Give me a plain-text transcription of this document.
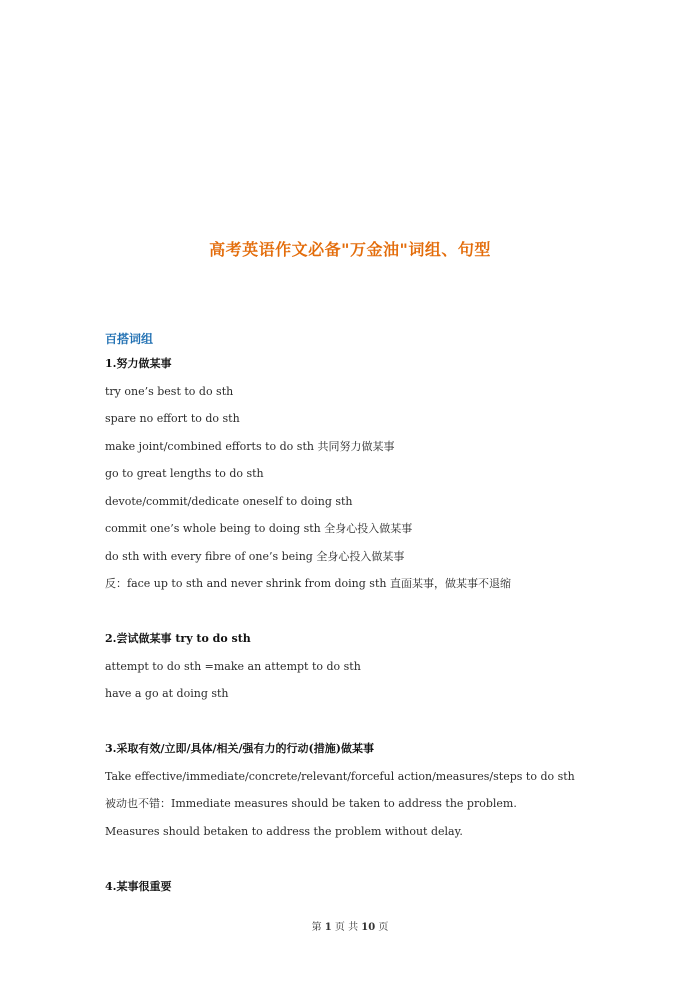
高考英语作文必备"万金油"词组、句型
百搭词组
1.努力做某事
try one’s best to do sth
spare no effort to do sth
make joint/combined efforts to do sth 共同努力做某事
go to great lengths to do sth
devote/commit/dedicate oneself to doing sth
commit one’s whole being to doing sth 全身心投入做某事
do sth with every fibre of one’s being 全身心投入做某事
反：face up to sth and never shrink from doing sth 直面某事，做某事不退缩
2.尝试做某事 try to do sth
attempt to do sth =make an attempt to do sth
have a go at doing sth
3.采取有效/立即/具体/相关/强有力的行动(措施)做某事
Take effective/immediate/concrete/relevant/forceful action/measures/steps to do sth
被动也不错：Immediate measures should be taken to address the problem.
Measures should betaken to address the problem without delay.
4.某事很重要
第 1 页 共 10 页
